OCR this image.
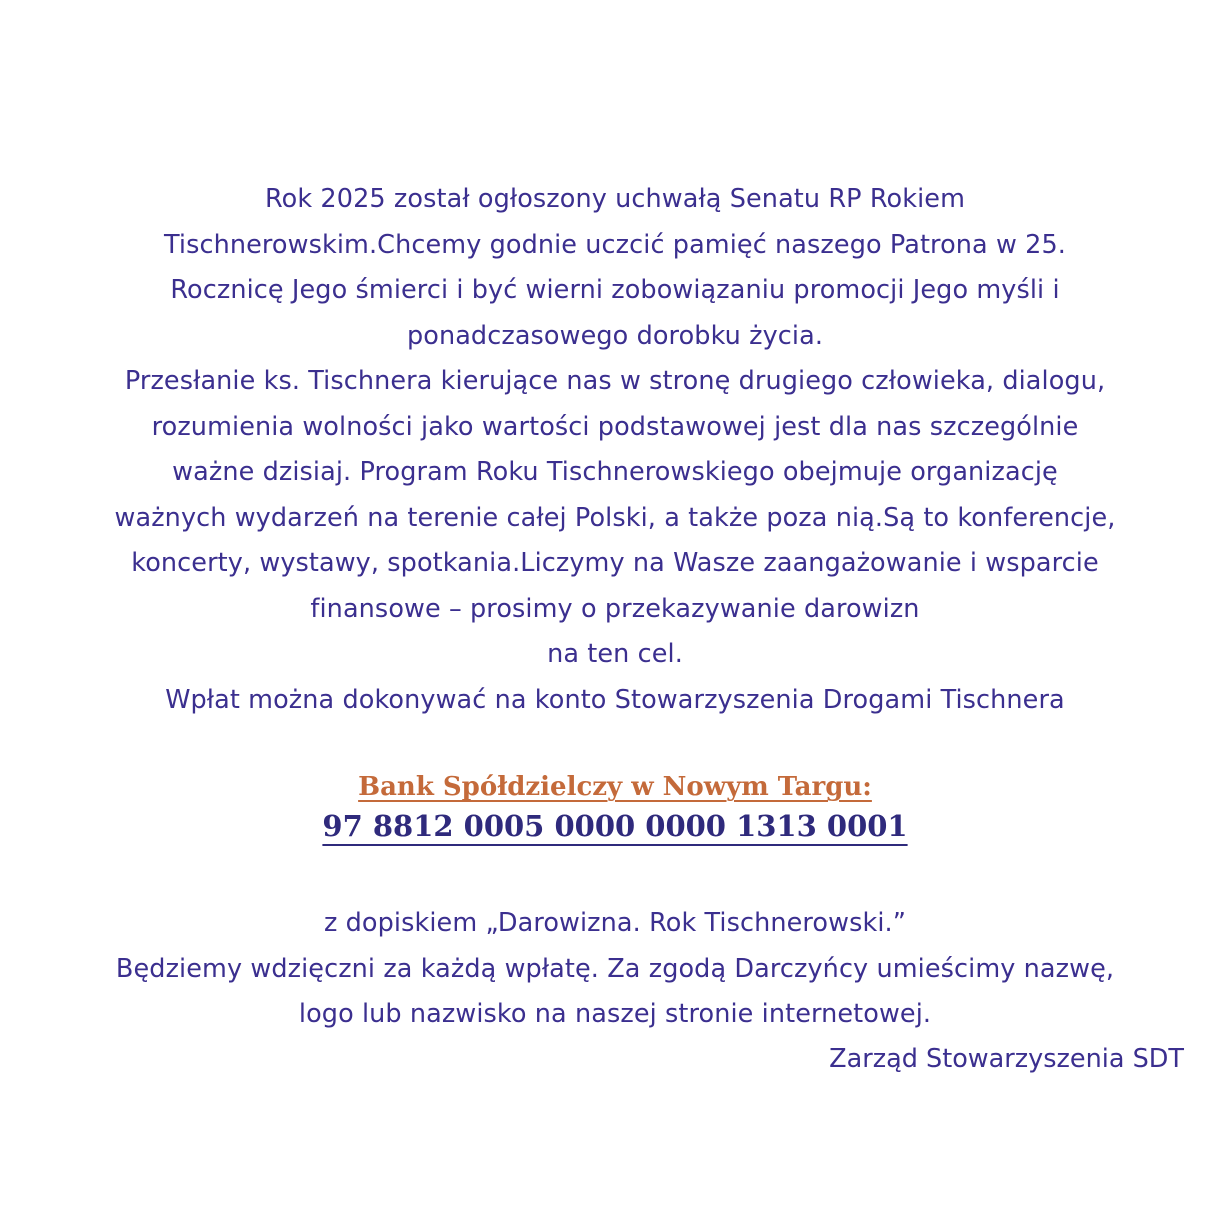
Rok 2025 został ogłoszony uchwałą Senatu RP Rokiem

Tischnerowskim.Chcemy godnie uczcić pamięć naszego Patrona w 25.

Rocznicę Jego śmierci i być wierni zobowiązaniu promocji Jego myśli i

ponadczasowego dorobku życia.

Przesłanie ks. Tischnera kierujące nas w stronę drugiego człowieka, dialogu,

rozumienia wolności jako wartości podstawowej jest dla nas szczególnie

ważne dzisiaj. Program Roku Tischnerowskiego obejmuje organizację

ważnych wydarzeń na terenie całej Polski, a także poza nią.Są to konferencje,

koncerty, wystawy, spotkania.Liczymy na Wasze zaangażowanie i wsparcie

finansowe – prosimy o przekazywanie darowizn

na ten cel.

Wpłat można dokonywać na konto Stowarzyszenia Drogami Tischnera

Bank Spółdzielczy w Nowym Targu:
97 8812 0005 0000 0000 1313 0001

z dopiskiem „Darowizna. Rok Tischnerowski.”

Będziemy wdzięczni za każdą wpłatę. Za zgodą Darczyńcy umieścimy nazwę,

logo lub nazwisko na naszej stronie internetowej.

Zarząd Stowarzyszenia SDT
